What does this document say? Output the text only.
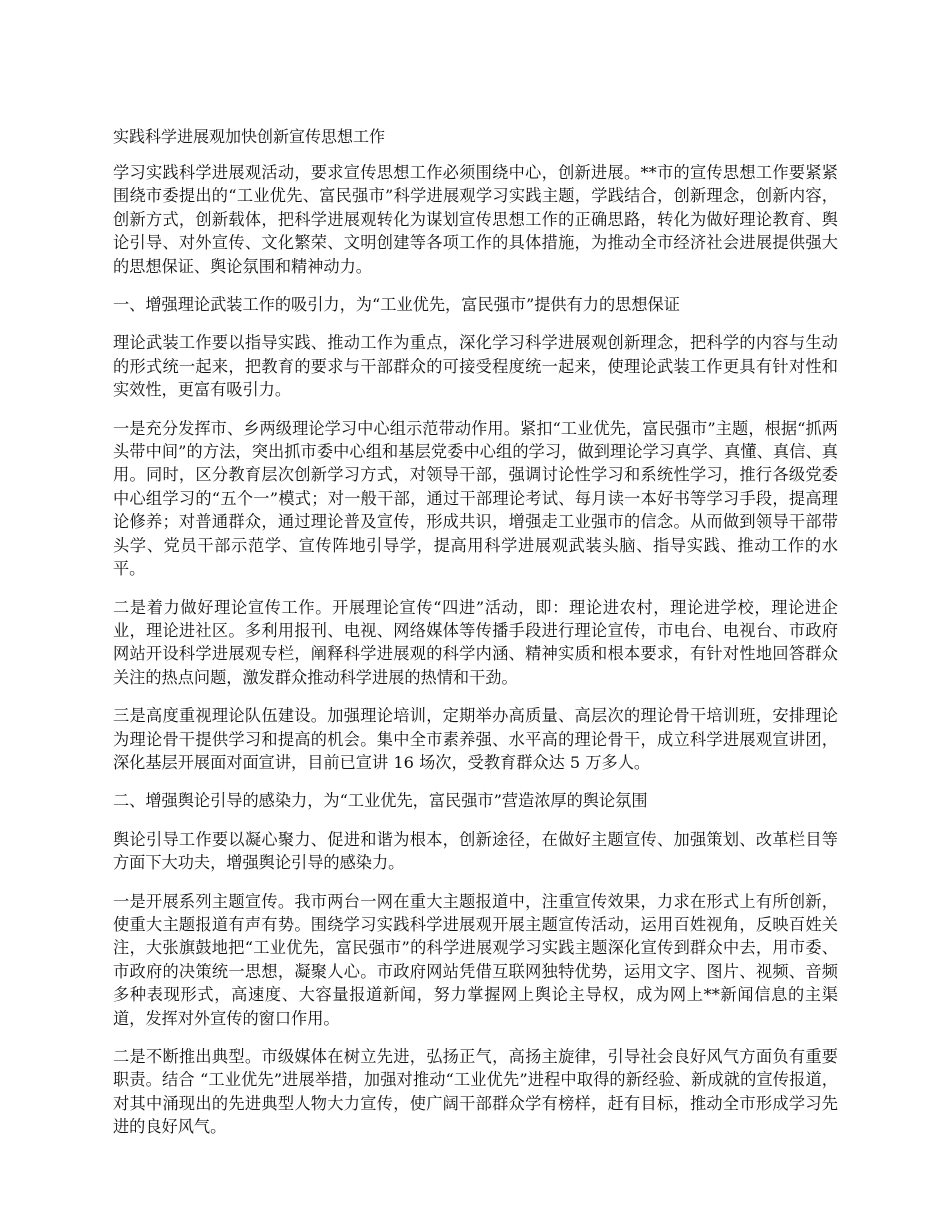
实践科学进展观加快创新宣传思想工作

学习实践科学进展观活动，要求宣传思想工作必须围绕中心，创新进展。**市的宣传思想工作要紧紧围绕市委提出的“工业优先、富民强市”科学进展观学习实践主题，学践结合，创新理念，创新内容，创新方式，创新载体，把科学进展观转化为谋划宣传思想工作的正确思路，转化为做好理论教育、舆论引导、对外宣传、文化繁荣、文明创建等各项工作的具体措施，为推动全市经济社会进展提供强大的思想保证、舆论氛围和精神动力。

一、增强理论武装工作的吸引力，为“工业优先，富民强市”提供有力的思想保证

理论武装工作要以指导实践、推动工作为重点，深化学习科学进展观创新理念，把科学的内容与生动的形式统一起来，把教育的要求与干部群众的可接受程度统一起来，使理论武装工作更具有针对性和实效性，更富有吸引力。

一是充分发挥市、乡两级理论学习中心组示范带动作用。紧扣“工业优先，富民强市”主题，根据“抓两头带中间”的方法，突出抓市委中心组和基层党委中心组的学习，做到理论学习真学、真懂、真信、真用。同时，区分教育层次创新学习方式，对领导干部，强调讨论性学习和系统性学习，推行各级党委中心组学习的“五个一”模式；对一般干部，通过干部理论考试、每月读一本好书等学习手段，提高理论修养；对普通群众，通过理论普及宣传，形成共识，增强走工业强市的信念。从而做到领导干部带头学、党员干部示范学、宣传阵地引导学，提高用科学进展观武装头脑、指导实践、推动工作的水平。

二是着力做好理论宣传工作。开展理论宣传“四进”活动，即：理论进农村，理论进学校，理论进企业，理论进社区。多利用报刊、电视、网络媒体等传播手段进行理论宣传，市电台、电视台、市政府网站开设科学进展观专栏，阐释科学进展观的科学内涵、精神实质和根本要求，有针对性地回答群众关注的热点问题，激发群众推动科学进展的热情和干劲。

三是高度重视理论队伍建设。加强理论培训，定期举办高质量、高层次的理论骨干培训班，安排理论为理论骨干提供学习和提高的机会。集中全市素养强、水平高的理论骨干，成立科学进展观宣讲团，深化基层开展面对面宣讲，目前已宣讲 16 场次，受教育群众达 5 万多人。

二、增强舆论引导的感染力，为“工业优先，富民强市”营造浓厚的舆论氛围

舆论引导工作要以凝心聚力、促进和谐为根本，创新途径，在做好主题宣传、加强策划、改革栏目等方面下大功夫，增强舆论引导的感染力。

一是开展系列主题宣传。我市两台一网在重大主题报道中，注重宣传效果，力求在形式上有所创新，使重大主题报道有声有势。围绕学习实践科学进展观开展主题宣传活动，运用百姓视角，反映百姓关注，大张旗鼓地把“工业优先，富民强市”的科学进展观学习实践主题深化宣传到群众中去，用市委、市政府的决策统一思想，凝聚人心。市政府网站凭借互联网独特优势，运用文字、图片、视频、音频多种表现形式，高速度、大容量报道新闻，努力掌握网上舆论主导权，成为网上**新闻信息的主渠道，发挥对外宣传的窗口作用。

二是不断推出典型。市级媒体在树立先进，弘扬正气，高扬主旋律，引导社会良好风气方面负有重要职责。结合 “工业优先”进展举措，加强对推动“工业优先”进程中取得的新经验、新成就的宣传报道，对其中涌现出的先进典型人物大力宣传，使广阔干部群众学有榜样，赶有目标，推动全市形成学习先进的良好风气。
